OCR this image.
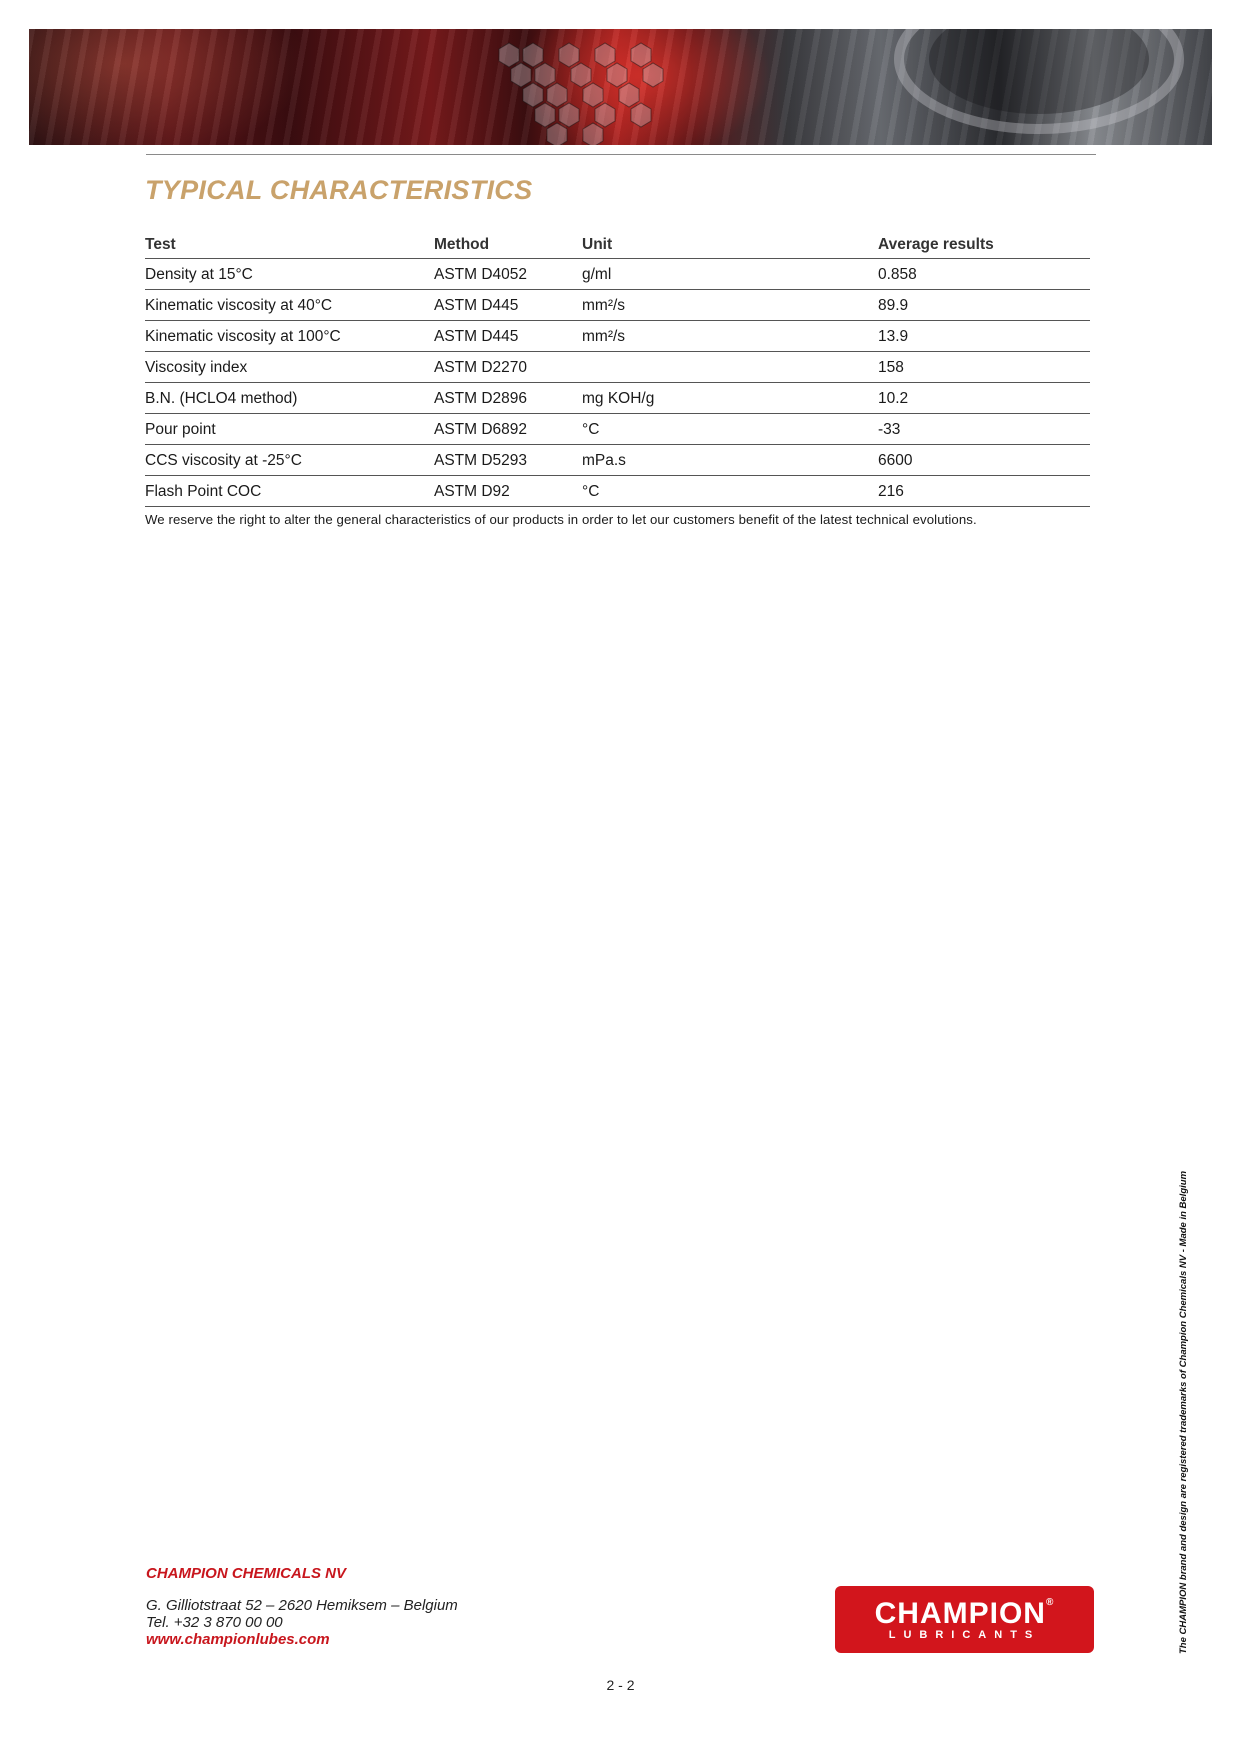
TYPICAL CHARACTERISTICS
Test	Method	Unit	Average results
Density at 15°C	ASTM D4052	g/ml	0.858
Kinematic viscosity at 40°C	ASTM D445	mm²/s	89.9
Kinematic viscosity at 100°C	ASTM D445	mm²/s	13.9
Viscosity index	ASTM D2270		158
B.N. (HCLO4 method)	ASTM D2896	mg KOH/g	10.2
Pour point	ASTM D6892	°C	-33
CCS viscosity at -25°C	ASTM D5293	mPa.s	6600
Flash Point COC	ASTM D92	°C	216
We reserve the right to alter the general characteristics of our products in order to let our customers benefit of the latest technical evolutions.
CHAMPION CHEMICALS NV
G. Gilliotstraat 52 – 2620 Hemiksem – Belgium
Tel. +32 3 870 00 00
www.championlubes.com
CHAMPION®
LUBRICANTS	The CHAMPION brand and design are registered trademarks of Champion Chemicals NV - Made in Belgium
2 - 2
